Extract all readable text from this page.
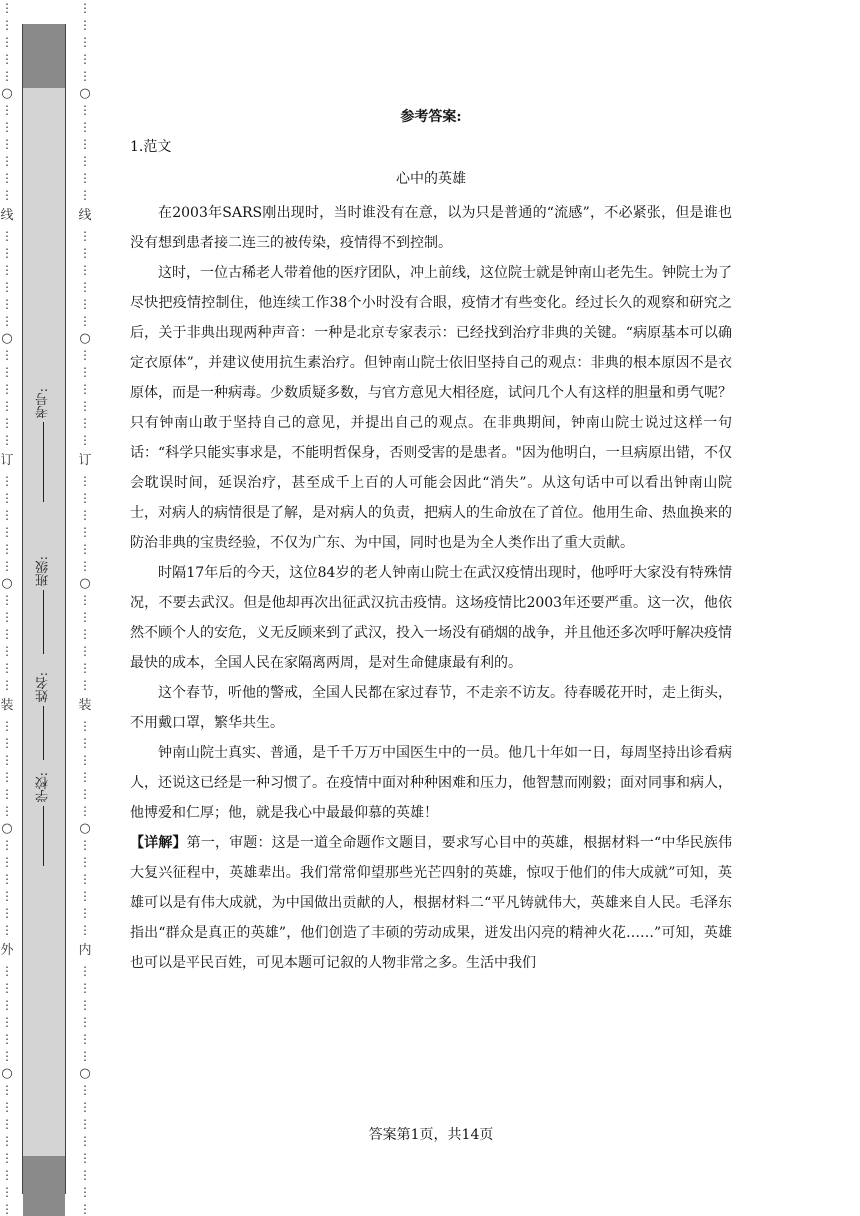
⋮
⋮
⋮
⋮
⋮
○
⋮
⋮
⋮
⋮
⋮
⋮
线
⋮
⋮
⋮
⋮
⋮
⋮
○
⋮
⋮
⋮
⋮
⋮
⋮
订
⋮
⋮
⋮
⋮
⋮
⋮
○
⋮
⋮
⋮
⋮
⋮
⋮
装
⋮
⋮
⋮
⋮
⋮
⋮
○
⋮
⋮
⋮
⋮
⋮
⋮
外
⋮
⋮
⋮
⋮
⋮
⋮
○
⋮
⋮
⋮
⋮
⋮
⋮
⋮
⋮
学校:
姓名:
班级:
考号:
⋮
⋮
⋮
⋮
⋮
○
⋮
⋮
⋮
⋮
⋮
⋮
线
⋮
⋮
⋮
⋮
⋮
⋮
○
⋮
⋮
⋮
⋮
⋮
⋮
订
⋮
⋮
⋮
⋮
⋮
⋮
○
⋮
⋮
⋮
⋮
⋮
⋮
装
⋮
⋮
⋮
⋮
⋮
⋮
○
⋮
⋮
⋮
⋮
⋮
⋮
内
⋮
⋮
⋮
⋮
⋮
⋮
○
⋮
⋮
⋮
⋮
⋮
⋮
⋮
⋮
参考答案:
1.范文
心中的英雄

在2003年SARS刚出现时，当时谁没有在意，以为只是普通的“流感”，不必紧张，但是谁也没有想到患者接二连三的被传染，疫情得不到控制。

这时，一位古稀老人带着他的医疗团队，冲上前线，这位院士就是钟南山老先生。钟院士为了尽快把疫情控制住，他连续工作38个小时没有合眼，疫情才有些变化。经过长久的观察和研究之后，关于非典出现两种声音：一种是北京专家表示：已经找到治疗非典的关键。“病原基本可以确定衣原体”，并建议使用抗生素治疗。但钟南山院士依旧坚持自己的观点：非典的根本原因不是衣原体，而是一种病毒。少数质疑多数，与官方意见大相径庭，试问几个人有这样的胆量和勇气呢？只有钟南山敢于坚持自己的意见，并提出自己的观点。在非典期间，钟南山院士说过这样一句话：“科学只能实事求是，不能明哲保身，否则受害的是患者。"因为他明白，一旦病原出错，不仅会耽误时间，延误治疗，甚至成千上百的人可能会因此“消失”。从这句话中可以看出钟南山院士，对病人的病情很是了解，是对病人的负责，把病人的生命放在了首位。他用生命、热血换来的防治非典的宝贵经验，不仅为广东、为中国，同时也是为全人类作出了重大贡献。

时隔17年后的今天，这位84岁的老人钟南山院士在武汉疫情出现时，他呼吁大家没有特殊情况，不要去武汉。但是他却再次出征武汉抗击疫情。这场疫情比2003年还要严重。这一次，他依然不顾个人的安危，义无反顾来到了武汉，投入一场没有硝烟的战争，并且他还多次呼吁解决疫情最快的成本，全国人民在家隔离两周，是对生命健康最有利的。

这个春节，听他的警戒，全国人民都在家过春节，不走亲不访友。待春暖花开时，走上街头，不用戴口罩，繁华共生。

钟南山院士真实、普通，是千千万万中国医生中的一员。他几十年如一日，每周坚持出诊看病人，还说这已经是一种习惯了。在疫情中面对种种困难和压力，他智慧而刚毅；面对同事和病人，他博爱和仁厚；他，就是我心中最最仰慕的英雄！

【详解】第一，审题：这是一道全命题作文题目，要求写心目中的英雄，根据材料一“中华民族伟大复兴征程中，英雄辈出。我们常常仰望那些光芒四射的英雄，惊叹于他们的伟大成就”可知，英雄可以是有伟大成就，为中国做出贡献的人，根据材料二“平凡铸就伟大，英雄来自人民。毛泽东指出“群众是真正的英雄”，他们创造了丰硕的劳动成果，迸发出闪亮的精神火花……”可知，英雄也可以是平民百姓，可见本题可记叙的人物非常之多。生活中我们

答案第1页，共14页
